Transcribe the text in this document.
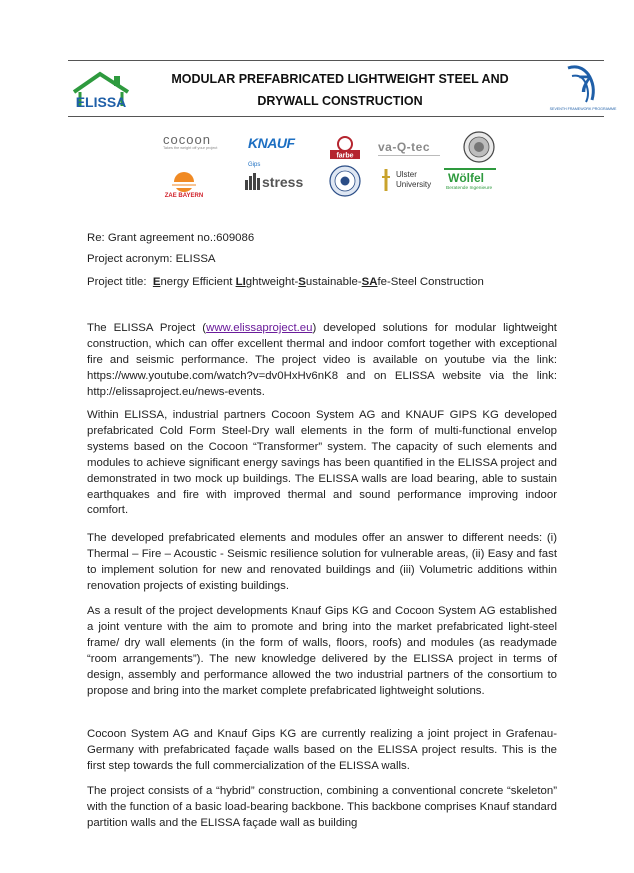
ELISSA
MODULAR PREFABRICATED LIGHTWEIGHT STEEL AND
DRYWALL CONSTRUCTION
7
SEVENTH FRAMEWORK PROGRAMME
cocoon
Takes the weight off your project	KNAUF Gips
farbe
va-Q-tec
ZAE BAYERN
stress	Ulster
University Wölfel
Beratende Ingenieure
Re: Grant agreement no.:609086
Project acronym: ELISSA
Project title: Energy Efficient LIghtweight-Sustainable-SAfe-Steel Construction
The ELISSA Project (www.elissaproject.eu) developed solutions for modular lightweight construction, which can offer excellent thermal and indoor comfort together with exceptional fire and seismic performance. The project video is available on youtube via the link: https://www.youtube.com/watch?v=dv0HxHv6nK8 and on ELISSA website via the link: http://elissaproject.eu/news-events.
Within ELISSA, industrial partners Cocoon System AG and KNAUF GIPS KG developed prefabricated Cold Form Steel-Dry wall elements in the form of multi-functional envelop systems based on the Cocoon “Transformer” system. The capacity of such elements and modules to achieve significant energy savings has been quantified in the ELISSA project and demonstrated in two mock up buildings. The ELISSA walls are load bearing, able to sustain earthquakes and fire with improved thermal and sound performance improving indoor comfort.
The developed prefabricated elements and modules offer an answer to different needs: (i) Thermal – Fire – Acoustic - Seismic resilience solution for vulnerable areas, (ii) Easy and fast to implement solution for new and renovated buildings and (iii) Volumetric additions within renovation projects of existing buildings.
As a result of the project developments Knauf Gips KG and Cocoon System AG established a joint venture with the aim to promote and bring into the market prefabricated light-steel frame/ dry wall elements (in the form of walls, floors, roofs) and modules (as readymade “room arrangements”). The new knowledge delivered by the ELISSA project in terms of design, assembly and performance allowed the two industrial partners of the consortium to propose and bring into the market complete prefabricated lightweight solutions.
Cocoon System AG and Knauf Gips KG are currently realizing a joint project in Grafenau-Germany with prefabricated façade walls based on the ELISSA project results. This is the first step towards the full commercialization of the ELISSA walls.
The project consists of a “hybrid” construction, combining a conventional concrete “skeleton” with the function of a basic load-bearing backbone. This backbone comprises Knauf standard partition walls and the ELISSA façade wall as building
